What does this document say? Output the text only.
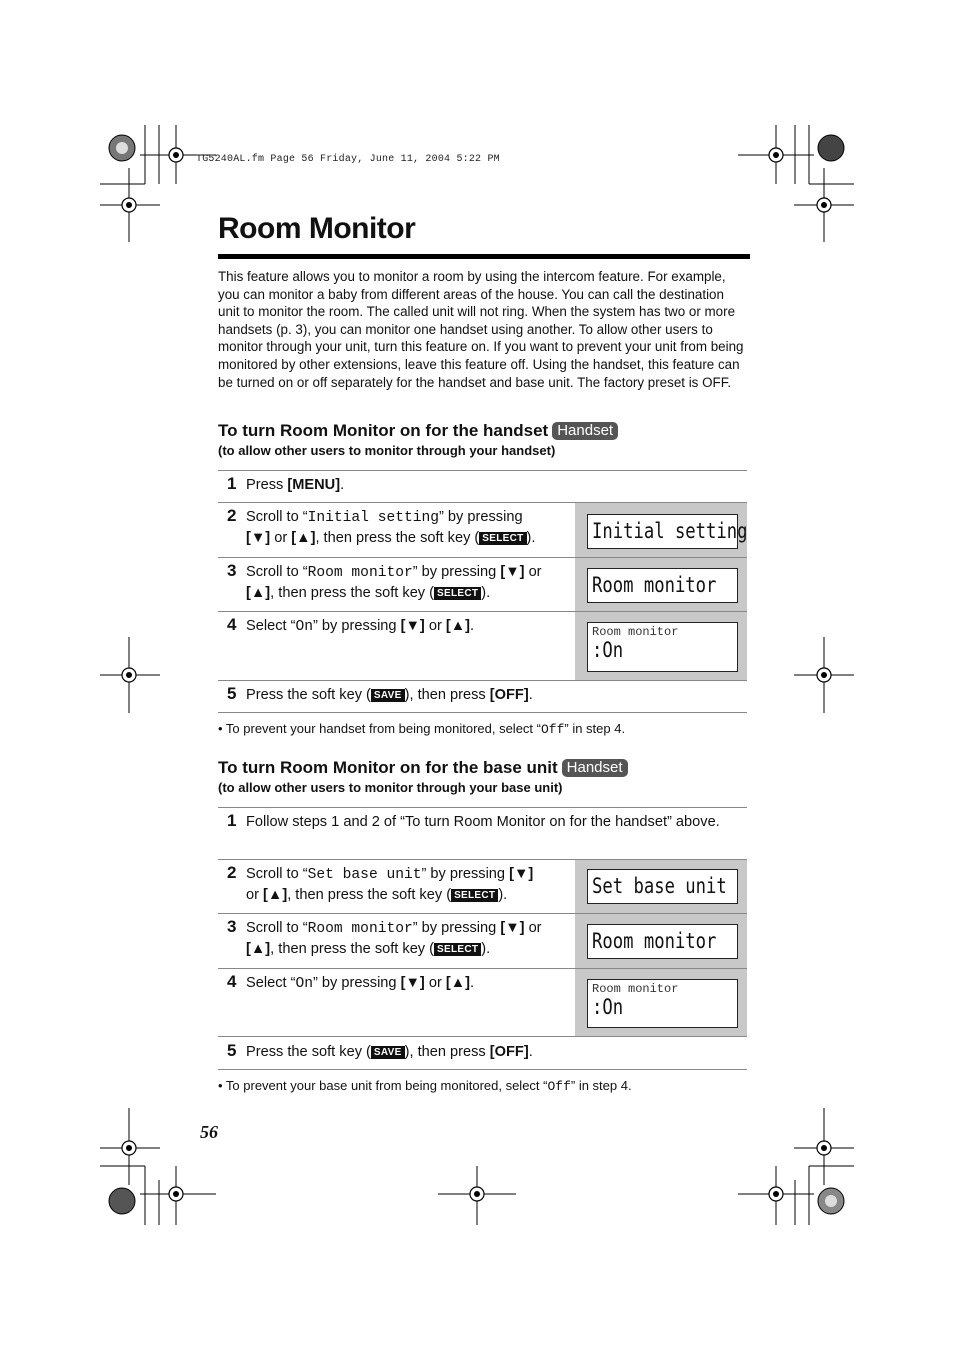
TG5240AL.fm Page 56 Friday, June 11, 2004 5:22 PM
Room Monitor
This feature allows you to monitor a room by using the intercom feature. For example, you can monitor a baby from different areas of the house. You can call the destination unit to monitor the room. The called unit will not ring. When the system has two or more handsets (p. 3), you can monitor one handset using another. To allow other users to monitor through your unit, turn this feature on. If you want to prevent your unit from being monitored by other extensions, leave this feature off. Using the handset, this feature can be turned on or off separately for the handset and base unit. The factory preset is OFF.
To turn Room Monitor on for the handset Handset
(to allow other users to monitor through your handset)
1 Press [MENU].
2 Scroll to “Initial setting” by pressing
[▼] or [▲], then press the soft key ( SELECT ).	Initial setting
3 Scroll to “Room monitor” by pressing [▼] or
[▲], then press the soft key ( SELECT ).	Room monitor
4 Select “On” by pressing [▼] or [▲].	Room monitor
:On
5 Press the soft key ( SAVE ), then press [OFF].
• To prevent your handset from being monitored, select “Off” in step 4.
To turn Room Monitor on for the base unit Handset
(to allow other users to monitor through your base unit)
1 Follow steps 1 and 2 of “To turn Room Monitor on for the handset” above.
2 Scroll to “Set base unit” by pressing [▼]
or [▲], then press the soft key ( SELECT ).	Set base unit
3 Scroll to “Room monitor” by pressing [▼] or
[▲], then press the soft key ( SELECT ).	Room monitor
4 Select “On” by pressing [▼] or [▲].	Room monitor
:On
5 Press the soft key ( SAVE ), then press [OFF].
• To prevent your base unit from being monitored, select “Off” in step 4.
56
